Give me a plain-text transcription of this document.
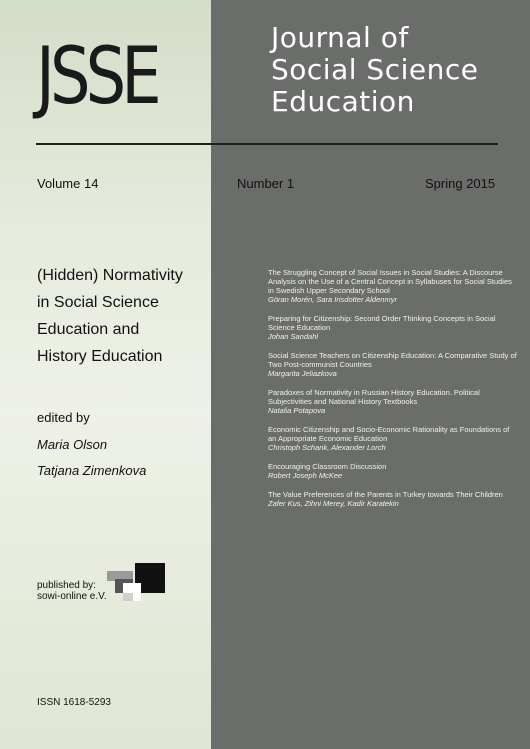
JSSE	Journal of
Social Science
Education
Volume 14	Number 1	Spring 2015
(Hidden) Normativity
in Social Science
Education and
History Education
edited by
Maria Olson
Tatjana Zimenkova
published by:
sowi-online e.V.
ISSN 1618-5293
The Struggling Concept of Social Issues in Social Studies: A Discourse Analysis on the Use of a Central Concept in Syllabuses for Social Studies in Swedish Upper Secondary School
Göran Morén, Sara Irisdotter Aldenmyr
Preparing for Citizenship: Second Order Thinking Concepts in Social Science Education
Johan Sandahl
Social Science Teachers on Citizenship Education: A Comparative Study of Two Post-communist Countries
Margarita Jeliazkova
Paradoxes of Normativity in Russian History Education. Political Subjectivities and National History Textbooks
Natalia Potapova
Economic Citizenship and Socio-Economic Rationality as Foundations of an Appropriate Economic Education
Christoph Schank, Alexander Lorch
Encouraging Classroom Discussion
Robert Joseph McKee
The Value Preferences of the Parents in Turkey towards Their Children
Zafer Kus, Zihni Merey, Kadir Karatekin
